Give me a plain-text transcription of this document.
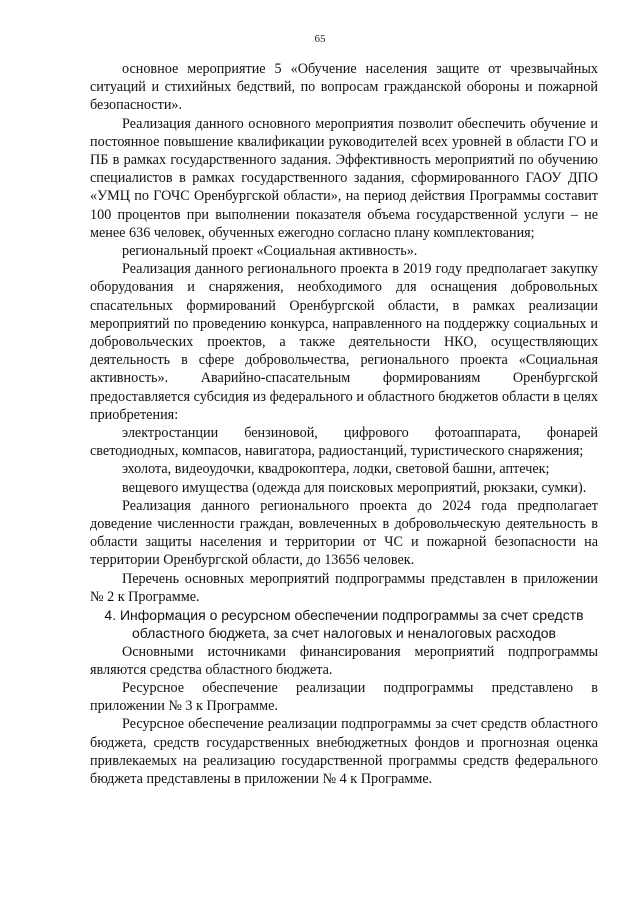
65

основное мероприятие 5 «Обучение населения защите от чрезвычайных ситуаций и стихийных бедствий, по вопросам гражданской обороны и пожарной безопасности».

Реализация данного основного мероприятия позволит обеспечить обучение и постоянное повышение квалификации руководителей всех уровней в области ГО и ПБ в рамках государственного задания. Эффективность мероприятий по обучению специалистов в рамках государственного задания, сформированного ГАОУ ДПО «УМЦ по ГОЧС Оренбургской области», на период действия Программы составит 100 процентов при выполнении показателя объема государственной услуги – не менее 636 человек, обученных ежегодно согласно плану комплектования;

региональный проект «Социальная активность».

Реализация данного регионального проекта в 2019 году предполагает закупку оборудования и снаряжения, необходимого для оснащения добровольных спасательных формирований Оренбургской области, в рамках реализации мероприятий по проведению конкурса, направленного на поддержку социальных и добровольческих проектов, а также деятельности НКО, осуществляющих деятельность в сфере добровольчества, регионального проекта «Социальная активность». Аварийно-спасательным формированиям Оренбургской предоставляется субсидия из федерального и областного бюджетов области в целях приобретения:

электростанции бензиновой, цифрового фотоаппарата, фонарей светодиодных, компасов, навигатора, радиостанций, туристического снаряжения;

эхолота, видеоудочки, квадрокоптера, лодки, световой башни, аптечек;

вещевого имущества (одежда для поисковых мероприятий, рюкзаки, сумки).

Реализация данного регионального проекта до 2024 года предполагает доведение численности граждан, вовлеченных в добровольческую деятельность в области защиты населения и территории от ЧС и пожарной безопасности на территории Оренбургской области, до 13656 человек.

Перечень основных мероприятий подпрограммы представлен в приложении № 2 к Программе.

4. Информация о ресурсном обеспечении подпрограммы за счет средств
областного бюджета, за счет налоговых и неналоговых расходов

Основными источниками финансирования мероприятий подпрограммы являются средства областного бюджета.

Ресурсное обеспечение реализации подпрограммы представлено в приложении № 3 к Программе.

Ресурсное обеспечение реализации подпрограммы за счет средств областного бюджета, средств государственных внебюджетных фондов и прогнозная оценка привлекаемых на реализацию государственной программы средств федерального бюджета представлены в приложении № 4 к Программе.
